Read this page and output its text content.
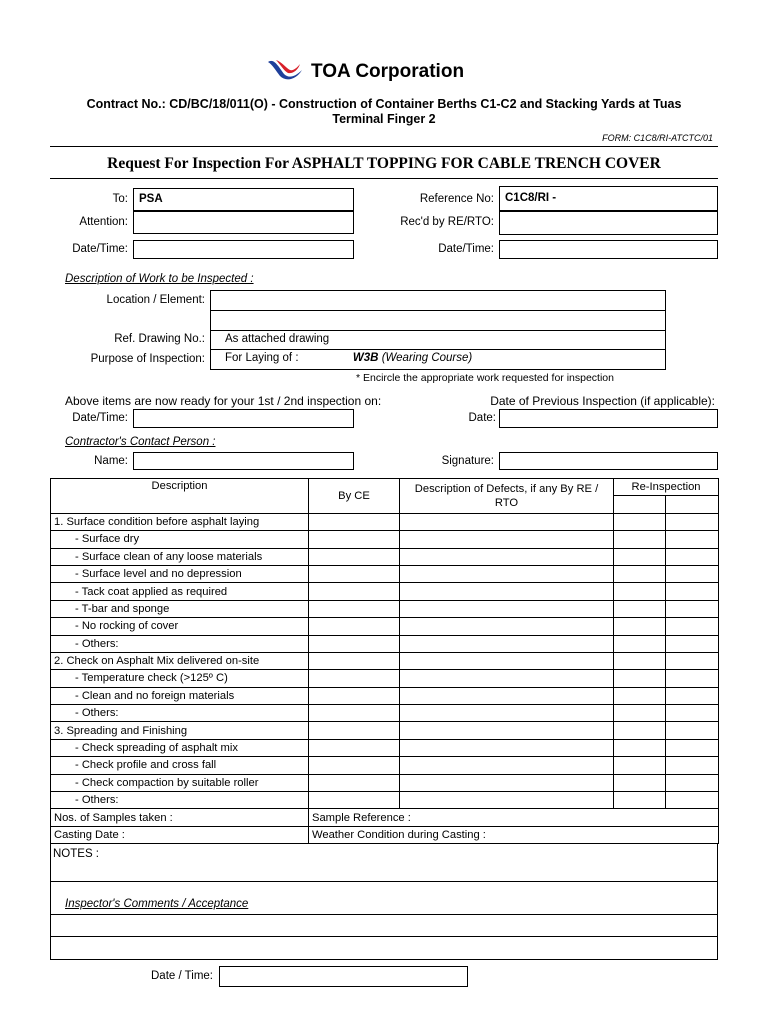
TOA Corporation
Contract No.: CD/BC/18/011(O) - Construction of Container Berths C1-C2 and Stacking Yards at Tuas
Terminal Finger 2
FORM: C1C8/RI-ATCTC/01
Request For Inspection For ASPHALT TOPPING FOR CABLE TRENCH COVER
To: PSA
Attention:
Date/Time:
Reference No: C1C8/RI -
Rec'd by RE/RTO:
Date/Time:
Description of Work to be Inspected :
Location / Element:
Ref. Drawing No.:	As attached drawing
Purpose of Inspection:	For Laying of :	W3B (Wearing Course)
* Encircle the appropriate work requested for inspection
Above items are now ready for your 1st / 2nd inspection on:	Date of Previous Inspection (if applicable):
Date/Time:	Date:
Contractor's Contact Person :
Name:	Signature:
Description	By CE	Description of Defects, if any By RE / RTO	Re-Inspection	

1. Surface condition before asphalt laying				
- Surface dry				
- Surface clean of any loose materials				
- Surface level and no depression				
- Tack coat applied as required				
- T-bar and sponge				
- No rocking of cover				
- Others:				
2. Check on Asphalt Mix delivered on-site				
- Temperature check (>125º C)				
- Clean and no foreign materials				
- Others:				
3. Spreading and Finishing				
- Check spreading of asphalt mix				
- Check profile and cross fall				
- Check compaction by suitable roller				
- Others:				
Nos. of Samples taken :	Sample Reference :			
Casting Date :	Weather Condition during Casting :			
NOTES :
Inspector's Comments / Acceptance
Date / Time:
